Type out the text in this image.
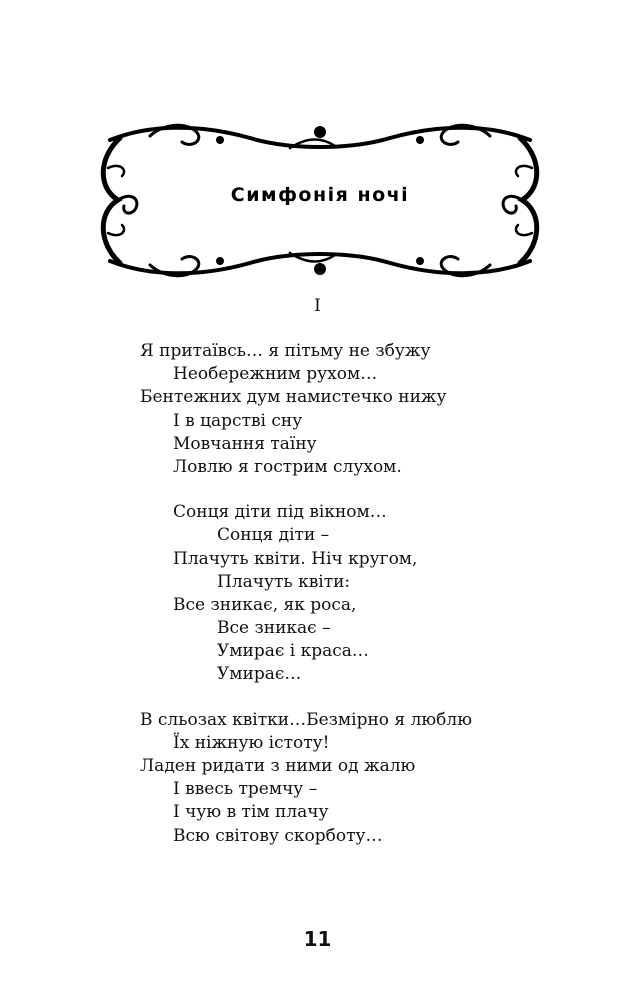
Симфонія ночі
I
Я притаївсь… я пітьму не збужу
Необережним рухом…
Бентежних дум намистечко нижу
І в царстві сну
Мовчання таїну
Ловлю я гострим слухом.
Сонця діти під вікном…
Сонця діти –
Плачуть квіти. Ніч кругом,
Плачуть квіти:
Все зникає, як роса,
Все зникає –
Умирає і краса…
Умирає…
В сльозах квітки…Безмірно я люблю
Їх ніжную істоту!
Ладен ридати з ними од жалю
І ввесь тремчу –
І чую в тім плачу
Всю світову скорботу…
11
